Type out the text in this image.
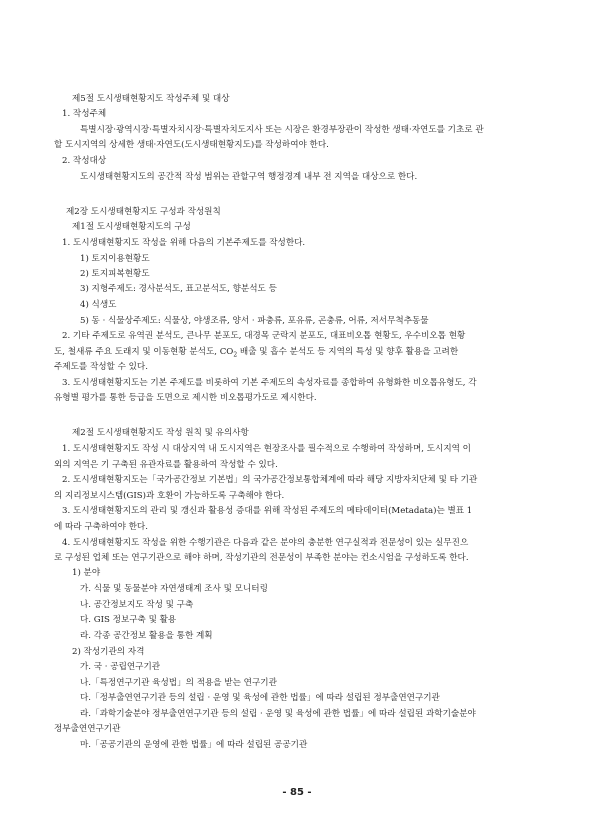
제5절 도시생태현황지도 작성주체 및 대상
1. 작성주체
특별시장·광역시장·특별자치시장·특별자치도지사 또는 시장은 환경부장관이 작성한 생태·자연도를 기초로 관
할 도시지역의 상세한 생태·자연도(도시생태현황지도)를 작성하여야 한다.
2. 작성대상
도시생태현황지도의 공간적 작성 범위는 관할구역 행정경계 내부 전 지역을 대상으로 한다.
제2장 도시생태현황지도 구성과 작성원칙
제1절 도시생태현황지도의 구성
1. 도시생태현황지도 작성을 위해 다음의 기본주제도를 작성한다.
1) 토지이용현황도
2) 토지피복현황도
3) 지형주제도: 경사분석도, 표고분석도, 향분석도 등
4) 식생도
5) 동 · 식물상주제도: 식물상, 야생조류, 양서 · 파충류, 포유류, 곤충류, 어류, 저서무척추동물
2. 기타 주제도로 유역권 분석도, 큰나무 분포도, 대경목 군락지 분포도, 대표비오톱 현황도, 우수비오톱 현황
도, 철새류 주요 도래지 및 이동현황 분석도, $CO_2$ 배출 및 흡수 분석도 등 지역의 특성 및 향후 활용을 고려한
주제도를 작성할 수 있다.
3. 도시생태현황지도는 기본 주제도를 비롯하여 기본 주제도의 속성자료를 종합하여 유형화한 비오톱유형도, 각
유형별 평가를 통한 등급을 도면으로 제시한 비오톱평가도로 제시한다.
제2절 도시생태현황지도 작성 원칙 및 유의사항
1. 도시생태현황지도 작성 시 대상지역 내 도시지역은 현장조사를 필수적으로 수행하여 작성하며, 도시지역 이
외의 지역은 기 구축된 유관자료를 활용하여 작성할 수 있다.
2. 도시생태현황지도는「국가공간정보 기본법」의 국가공간정보통합체계에 따라 해당 지방자치단체 및 타 기관
의 지리정보시스템(GIS)과 호환이 가능하도록 구축해야 한다.
3. 도시생태현황지도의 관리 및 갱신과 활용성 증대를 위해 작성된 주제도의 메타데이터(Metadata)는 별표 1
에 따라 구축하여야 한다.
4. 도시생태현황지도 작성을 위한 수행기관은 다음과 같은 분야의 충분한 연구실적과 전문성이 있는 실무진으
로 구성된 업체 또는 연구기관으로 해야 하며, 작성기관의 전문성이 부족한 분야는 컨소시엄을 구성하도록 한다.
1) 분야
가. 식물 및 동물분야 자연생태계 조사 및 모니터링
나. 공간정보지도 작성 및 구축
다. GIS 정보구축 및 활용
라. 각종 공간정보 활용을 통한 계획
2) 작성기관의 자격
가. 국 · 공립연구기관
나.「특정연구기관 육성법」의 적용을 받는 연구기관
다.「정부출연연구기관 등의 설립 · 운영 및 육성에 관한 법률」에 따라 설립된 정부출연연구기관
라.「과학기술분야 정부출연연구기관 등의 설립 · 운영 및 육성에 관한 법률」에 따라 설립된 과학기술분야
정부출연연구기관
마.「공공기관의 운영에 관한 법률」에 따라 설립된 공공기관
- 85 -
